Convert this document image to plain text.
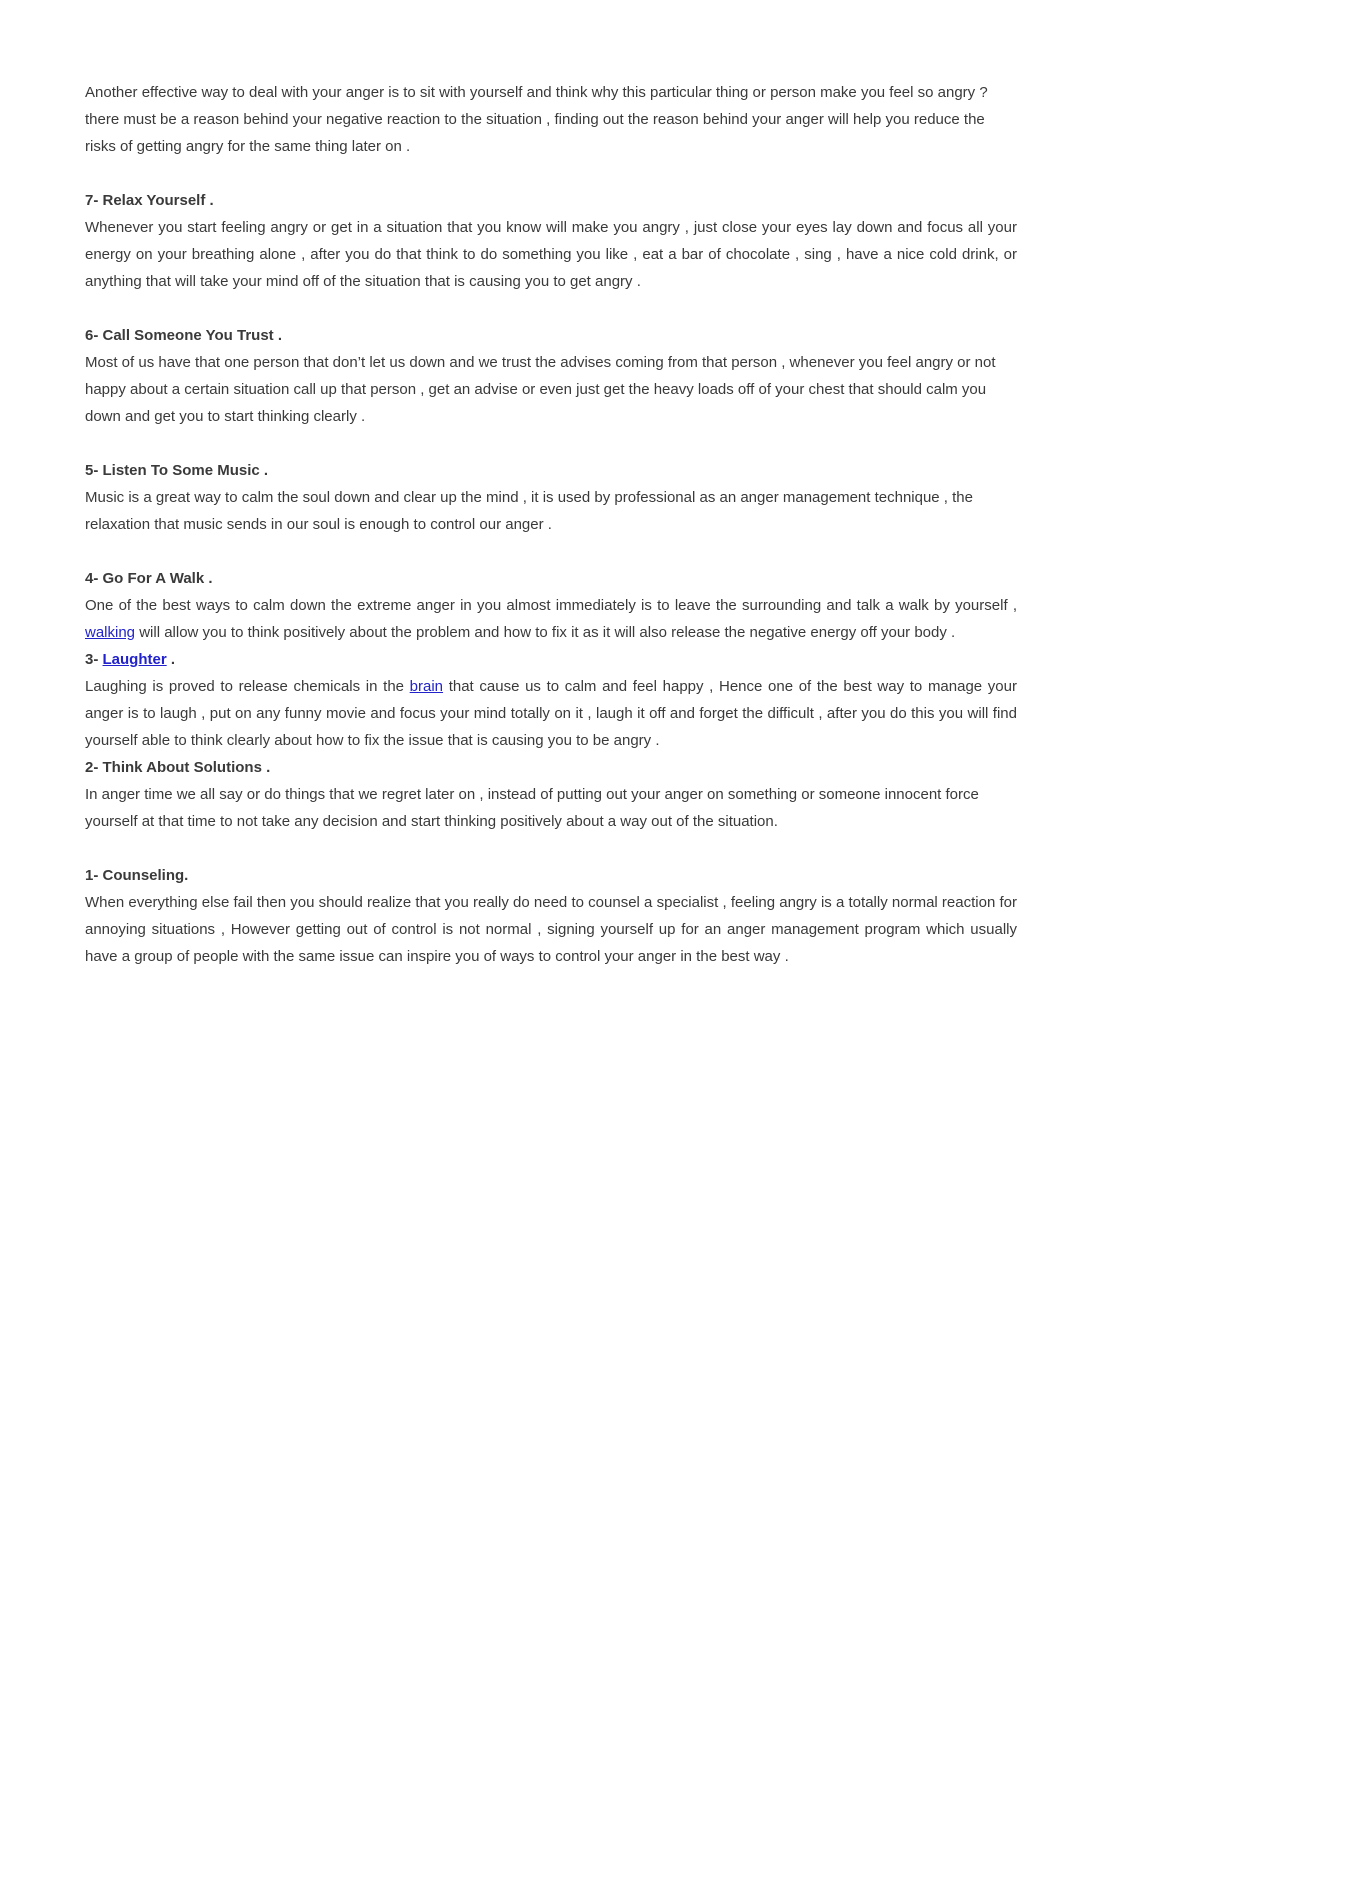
Another effective way to deal with your anger is to sit with yourself and think why this particular thing or person make you feel so angry ? there must be a reason behind your negative reaction to the situation , finding out the reason behind your anger will help you reduce the risks of getting angry for the same thing later on .

7- Relax Yourself .

Whenever you start feeling angry or get in a situation that you know will make you angry , just close your eyes lay down and focus all your energy on your breathing alone , after you do that think to do something you like , eat a bar of chocolate , sing , have a nice cold drink, or anything that will take your mind off of the situation that is causing you to get angry .

6- Call Someone You Trust .

Most of us have that one person that don’t let us down and we trust the advises coming from that person , whenever you feel angry or not happy about a certain situation call up that person , get an advise or even just get the heavy loads off of your chest that should calm you down and get you to start thinking clearly .

5- Listen To Some Music .

Music is a great way to calm the soul down and clear up the mind , it is used by professional as an anger management technique , the relaxation that music sends in our soul is enough to control our anger .

4- Go For A Walk .

One of the best ways to calm down the extreme anger in you almost immediately is to leave the surrounding and talk a walk by yourself , walking will allow you to think positively about the problem and how to fix it as it will also release the negative energy off your body .

3- Laughter .

Laughing is proved to release chemicals in the brain that cause us to calm and feel happy , Hence one of the best way to manage your anger is to laugh , put on any funny movie and focus your mind totally on it , laugh it off and forget the difficult , after you do this you will find yourself able to think clearly about how to fix the issue that is causing you to be angry .

2- Think About Solutions .

In anger time we all say or do things that we regret later on , instead of putting out your anger on something or someone innocent force yourself at that time to not take any decision and start thinking positively about a way out of the situation.

1- Counseling.

When everything else fail then you should realize that you really do need to counsel a specialist , feeling angry is a totally normal reaction for annoying situations , However getting out of control is not normal , signing yourself up for an anger management program which usually have a group of people with the same issue can inspire you of ways to control your anger in the best way .
